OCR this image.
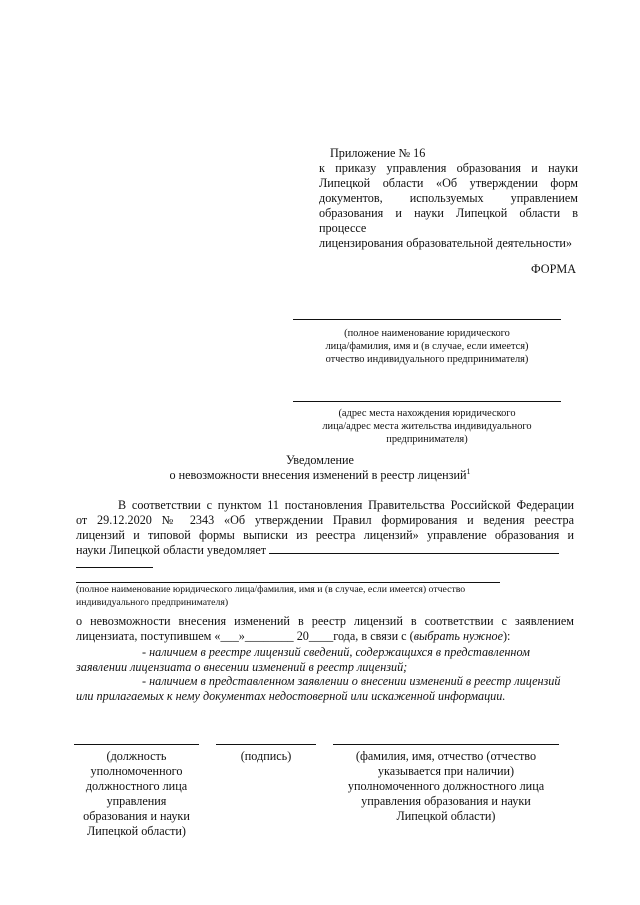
Приложение № 16
к приказу управления образования и науки
Липецкой области «Об утверждении форм
документов, используемых управлением
образования и науки Липецкой области в процессе
лицензирования образовательной деятельности»
ФОРМА
(полное наименование юридического
лица/фамилия, имя и (в случае, если имеется)
отчество индивидуального предпринимателя)
(адрес места нахождения юридического
лица/адрес места жительства индивидуального
предпринимателя)
Уведомление
о невозможности внесения изменений в реестр лицензий$^1$
В соответствии с пунктом 11 постановления Правительства Российской Федерации
от 29.12.2020 № 2343 «Об утверждении Правил формирования и ведения реестра
лицензий и типовой формы выписки из реестра лицензий» управление образования и
науки Липецкой области уведомляет
(полное наименование юридического лица/фамилия, имя и (в случае, если имеется) отчество
индивидуального предпринимателя)
о невозможности внесения изменений в реестр лицензий в соответствии с заявлением
лицензиата, поступившем «___»________ 20____года, в связи с (выбрать нужное):
- наличием в реестре лицензий сведений, содержащихся в представленном
заявлении лицензиата о внесении изменений в реестр лицензий;
- наличием в представленном заявлении о внесении изменений в реестр лицензий
или прилагаемых к нему документах недостоверной или искаженной информации.
(должность
уполномоченного
должностного лица
управления
образования и науки
Липецкой области)
(подпись)	(фамилия, имя, отчество (отчество
указывается при наличии)
уполномоченного должностного лица
управления образования и науки
Липецкой области)
